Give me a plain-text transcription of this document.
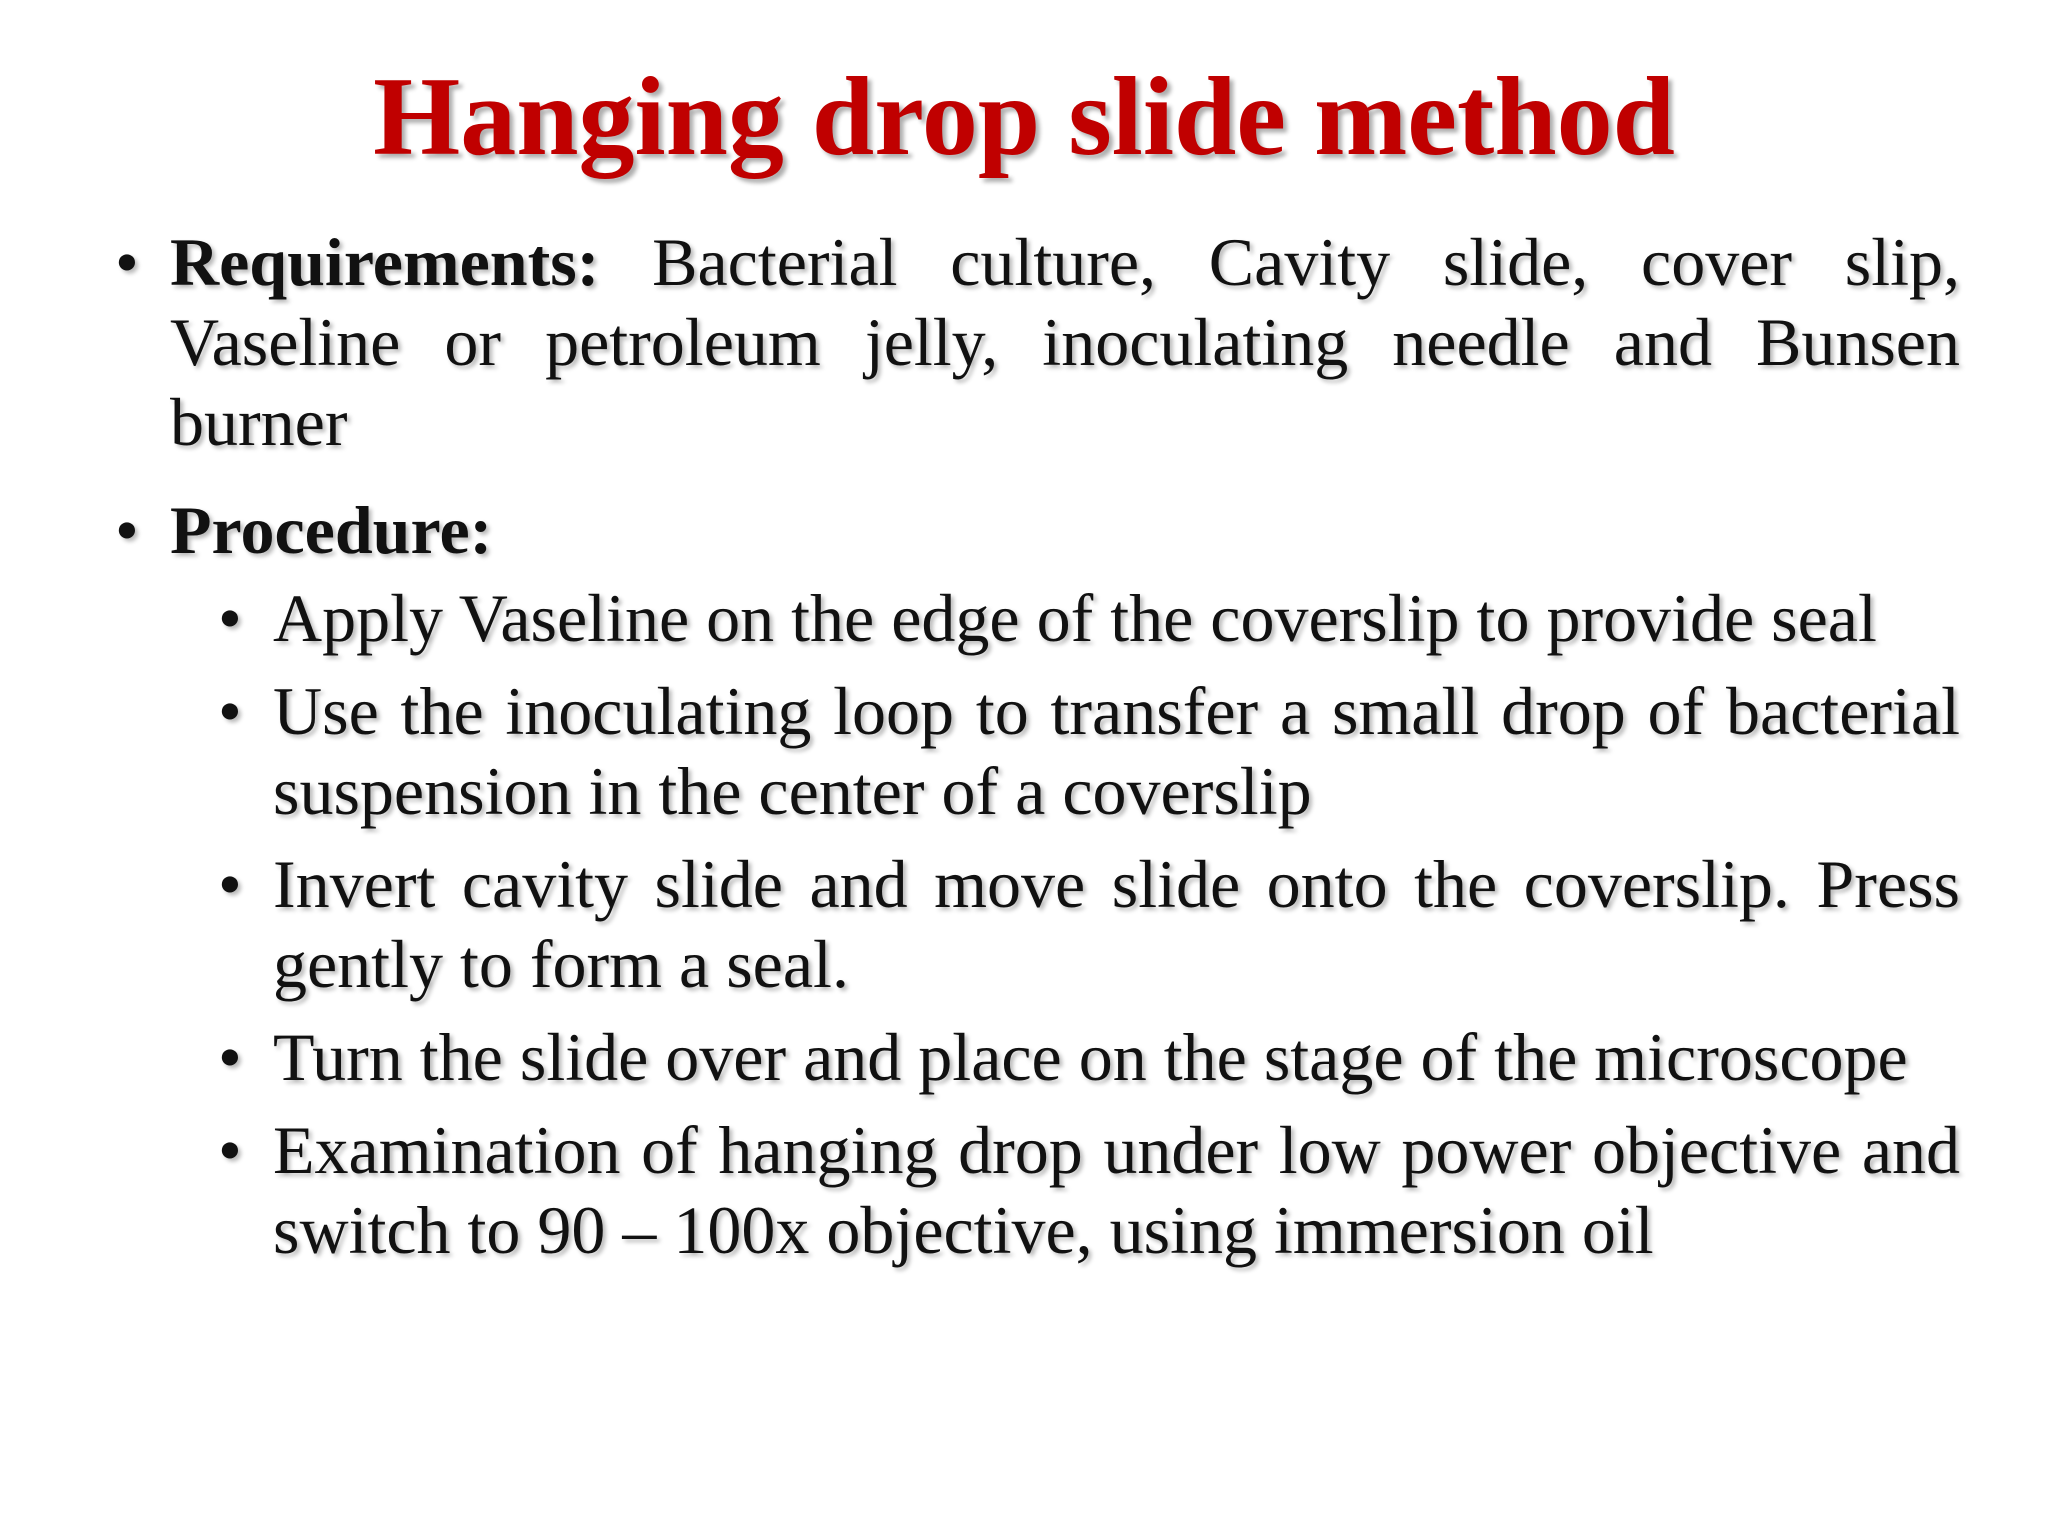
Hanging drop slide method
• Requirements: Bacterial culture, Cavity slide, cover slip, Vaseline or petroleum jelly, inoculating needle and Bunsen burner
• Procedure:
• Apply Vaseline on the edge of the coverslip to provide seal
• Use the inoculating loop to transfer a small drop of bacterial suspension in the center of a coverslip
• Invert cavity slide and move slide onto the coverslip. Press gently to form a seal.
• Turn the slide over and place on the stage of the microscope
• Examination of hanging drop under low power objective and switch to 90 – 100x objective, using immersion oil
